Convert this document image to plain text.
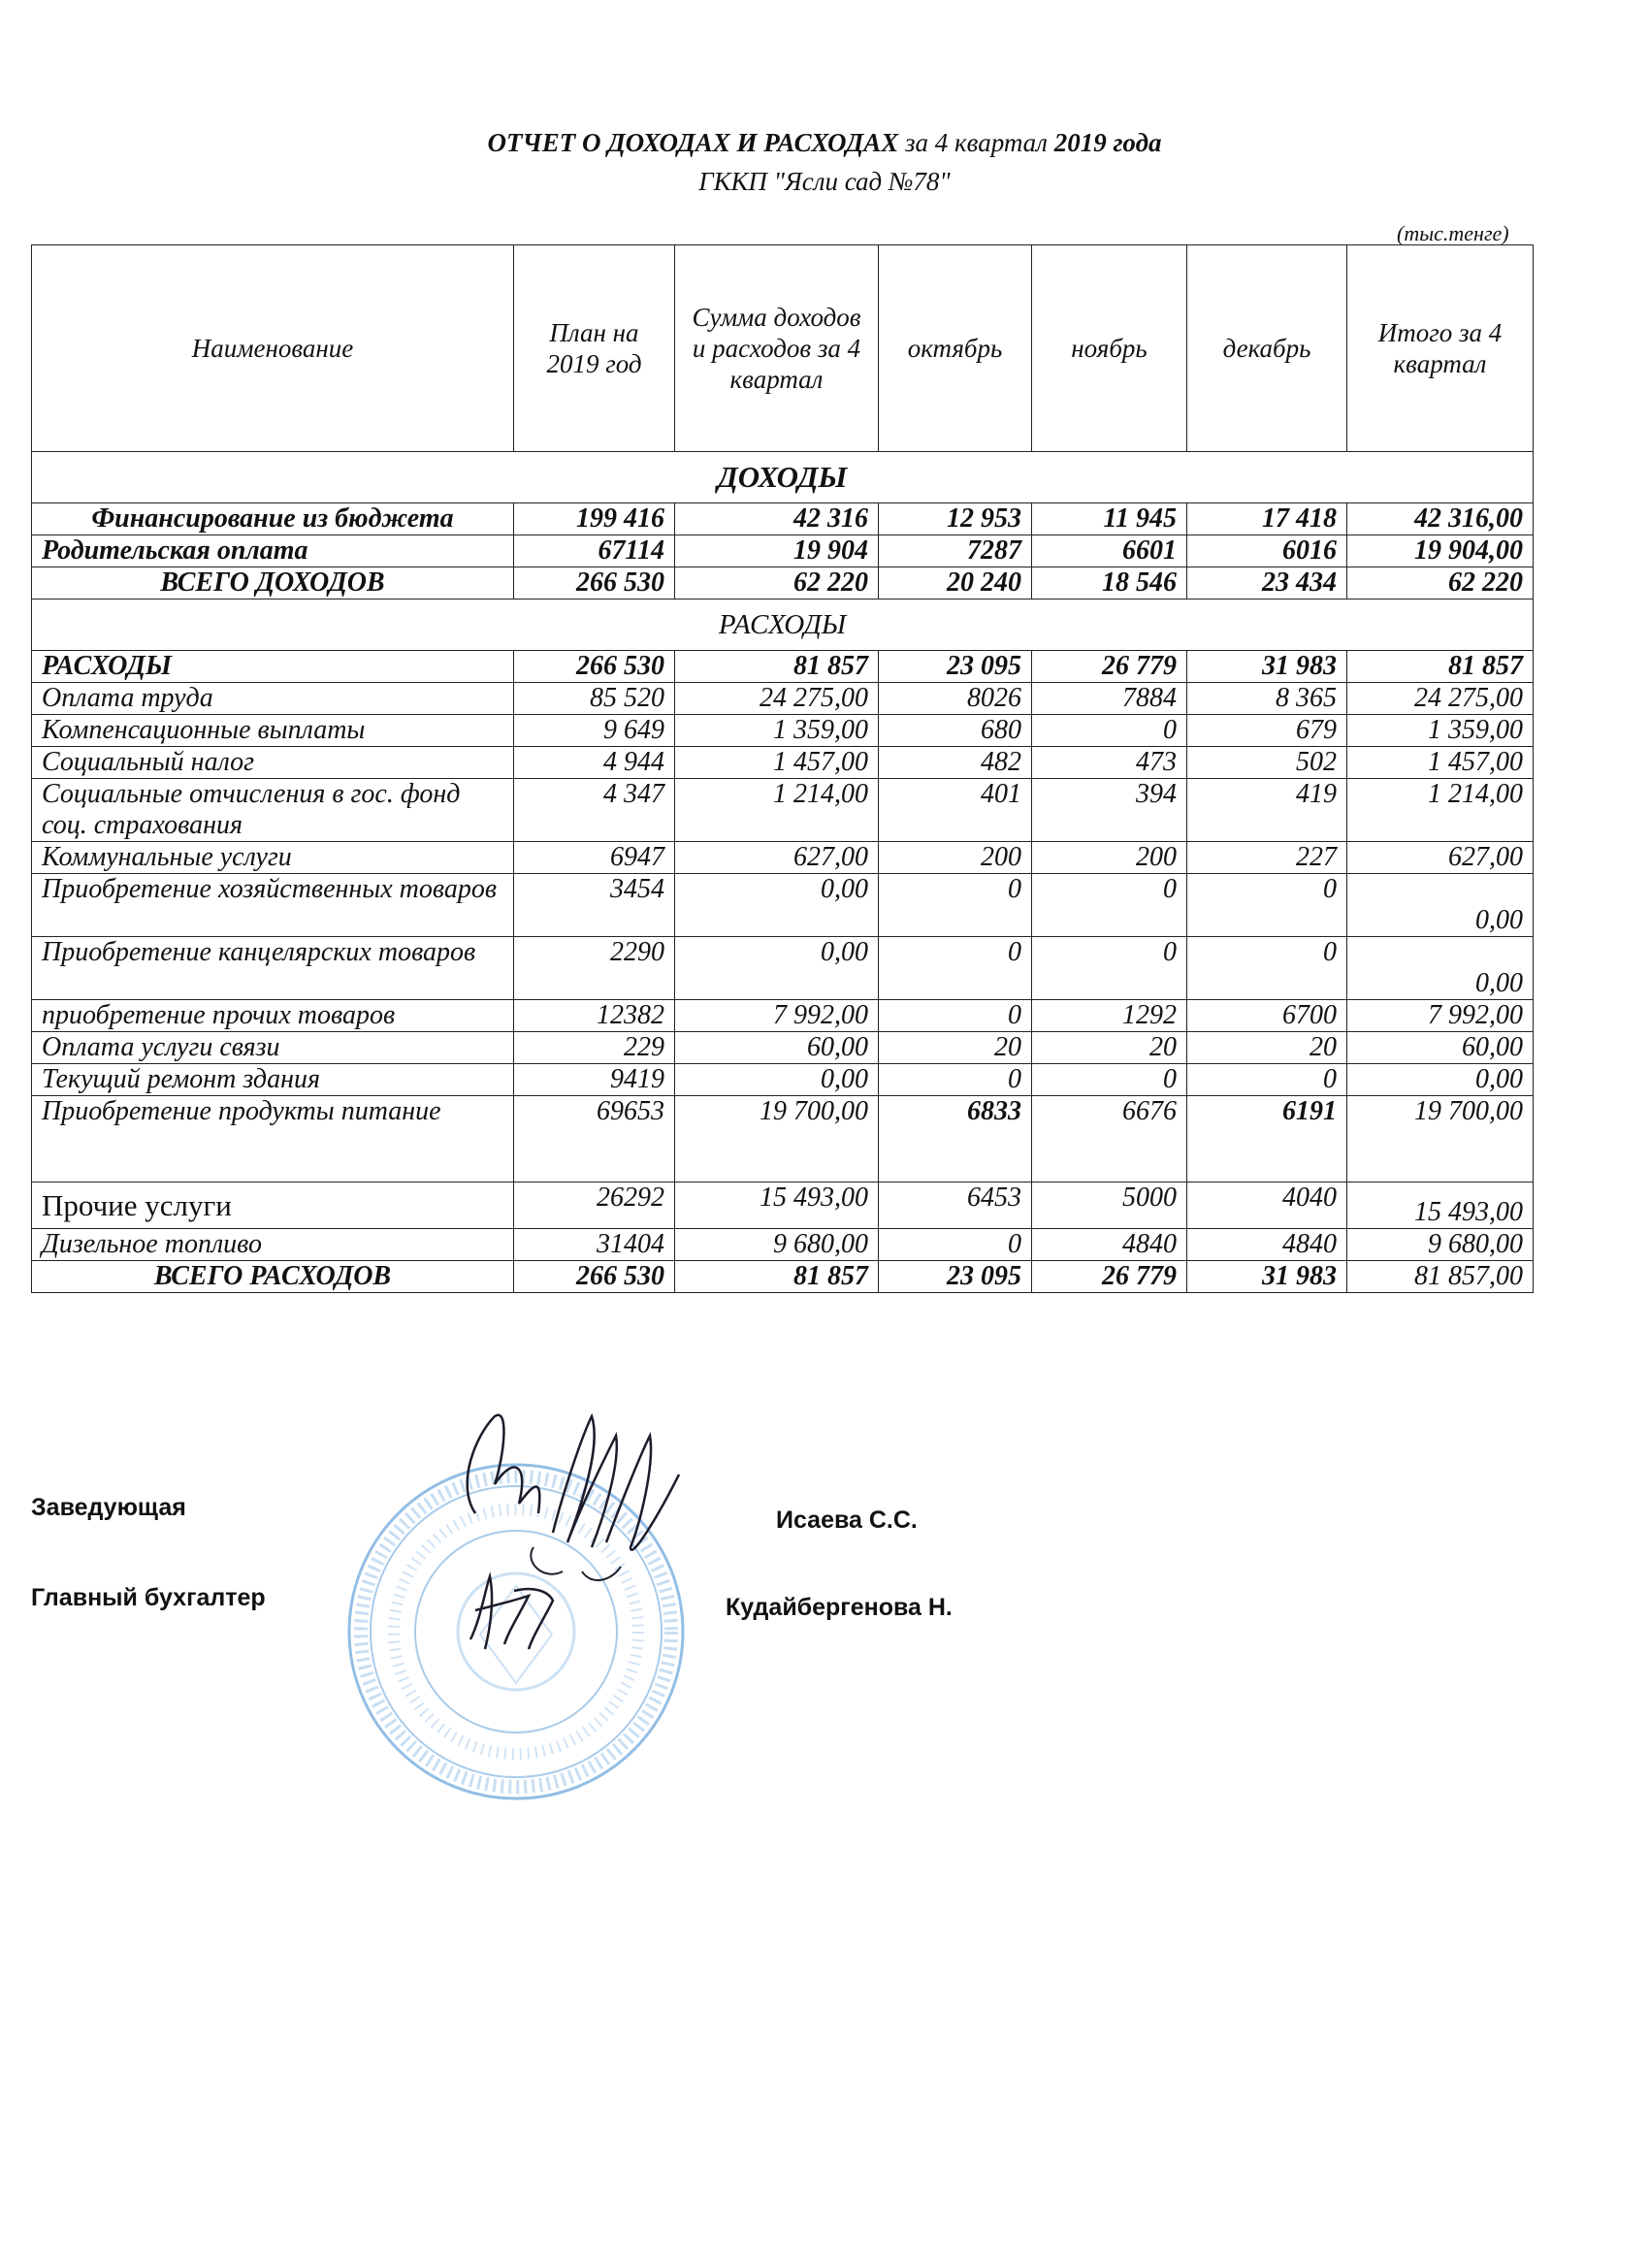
ОТЧЕТ О ДОХОДАХ И РАСХОДАХ за 4 квартал 2019 года
ГККП "Ясли сад №78"
(тыс.тенге)
Наименование	План на 2019 год	Сумма доходов и расходов за 4 квартал	октябрь	ноябрь	декабрь	Итого за 4 квартал
ДОХОДЫ						
Финансирование из бюджета	199 416	42 316	12 953	11 945	17 418	42 316,00
Родительская оплата	67114	19 904	7287	6601	6016	19 904,00
ВСЕГО ДОХОДОВ	266 530	62 220	20 240	18 546	23 434	62 220
РАСХОДЫ						
РАСХОДЫ	266 530	81 857	23 095	26 779	31 983	81 857
Оплата труда	85 520	24 275,00	8026	7884	8 365	24 275,00
Компенсационные выплаты	9 649	1 359,00	680	0	679	1 359,00
Социальный налог	4 944	1 457,00	482	473	502	1 457,00
Социальные отчисления в гос. фонд соц. страхования	4 347	1 214,00	401	394	419	1 214,00
Коммунальные услуги	6947	627,00	200	200	227	627,00
Приобретение хозяйственных товаров	3454	0,00	0	0	0	0,00
Приобретение канцелярских товаров	2290	0,00	0	0	0	0,00
приобретение прочих товаров	12382	7 992,00	0	1292	6700	7 992,00
Оплата услуги связи	229	60,00	20	20	20	60,00
Текущий ремонт здания	9419	0,00	0	0	0	0,00
Приобретение продукты питание	69653	19 700,00	6833	6676	6191	19 700,00
Прочие услуги	26292	15 493,00	6453	5000	4040	15 493,00
Дизельное топливо	31404	9 680,00	0	4840	4840	9 680,00
ВСЕГО РАСХОДОВ	266 530	81 857	23 095	26 779	31 983	81 857,00
Заведующая	Исаева С.С.
Главный бухгалтер	Кудайбергенова Н.
